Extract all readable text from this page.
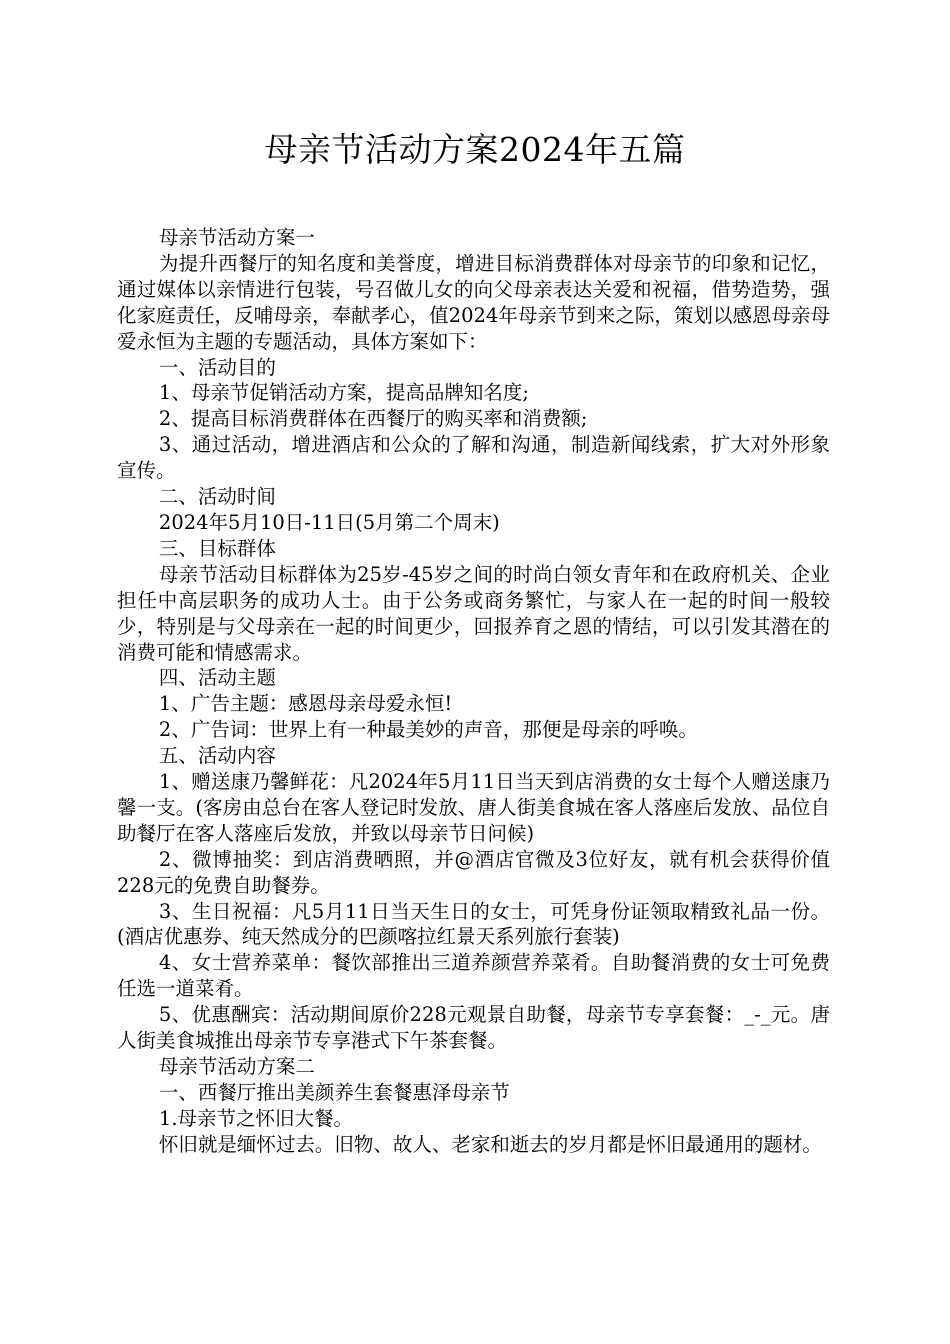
母亲节活动方案2024年五篇

母亲节活动方案一

为提升西餐厅的知名度和美誉度，增进目标消费群体对母亲节的印象和记忆，通过媒体以亲情进行包装，号召做儿女的向父母亲表达关爱和祝福，借势造势，强化家庭责任，反哺母亲，奉献孝心，值2024年母亲节到来之际，策划以感恩母亲母爱永恒为主题的专题活动，具体方案如下：

一、活动目的

1、母亲节促销活动方案，提高品牌知名度;

2、提高目标消费群体在西餐厅的购买率和消费额;

3、通过活动，增进酒店和公众的了解和沟通，制造新闻线索，扩大对外形象宣传。

二、活动时间

2024年5月10日-11日(5月第二个周末)

三、目标群体

母亲节活动目标群体为25岁-45岁之间的时尚白领女青年和在政府机关、企业担任中高层职务的成功人士。由于公务或商务繁忙，与家人在一起的时间一般较少，特别是与父母亲在一起的时间更少，回报养育之恩的情结，可以引发其潜在的消费可能和情感需求。

四、活动主题

1、广告主题：感恩母亲母爱永恒!

2、广告词：世界上有一种最美妙的声音，那便是母亲的呼唤。

五、活动内容

1、赠送康乃馨鲜花：凡2024年5月11日当天到店消费的女士每个人赠送康乃馨一支。(客房由总台在客人登记时发放、唐人街美食城在客人落座后发放、品位自助餐厅在客人落座后发放，并致以母亲节日问候)

2、微博抽奖：到店消费晒照，并@酒店官微及3位好友，就有机会获得价值228元的免费自助餐券。

3、生日祝福：凡5月11日当天生日的女士，可凭身份证领取精致礼品一份。(酒店优惠券、纯天然成分的巴颜喀拉红景天系列旅行套装)

4、女士营养菜单：餐饮部推出三道养颜营养菜肴。自助餐消费的女士可免费任选一道菜肴。

5、优惠酬宾：活动期间原价228元观景自助餐，母亲节专享套餐：_-_元。唐人街美食城推出母亲节专享港式下午茶套餐。

母亲节活动方案二

一、西餐厅推出美颜养生套餐惠泽母亲节

1.母亲节之怀旧大餐。

怀旧就是缅怀过去。旧物、故人、老家和逝去的岁月都是怀旧最通用的题材。
